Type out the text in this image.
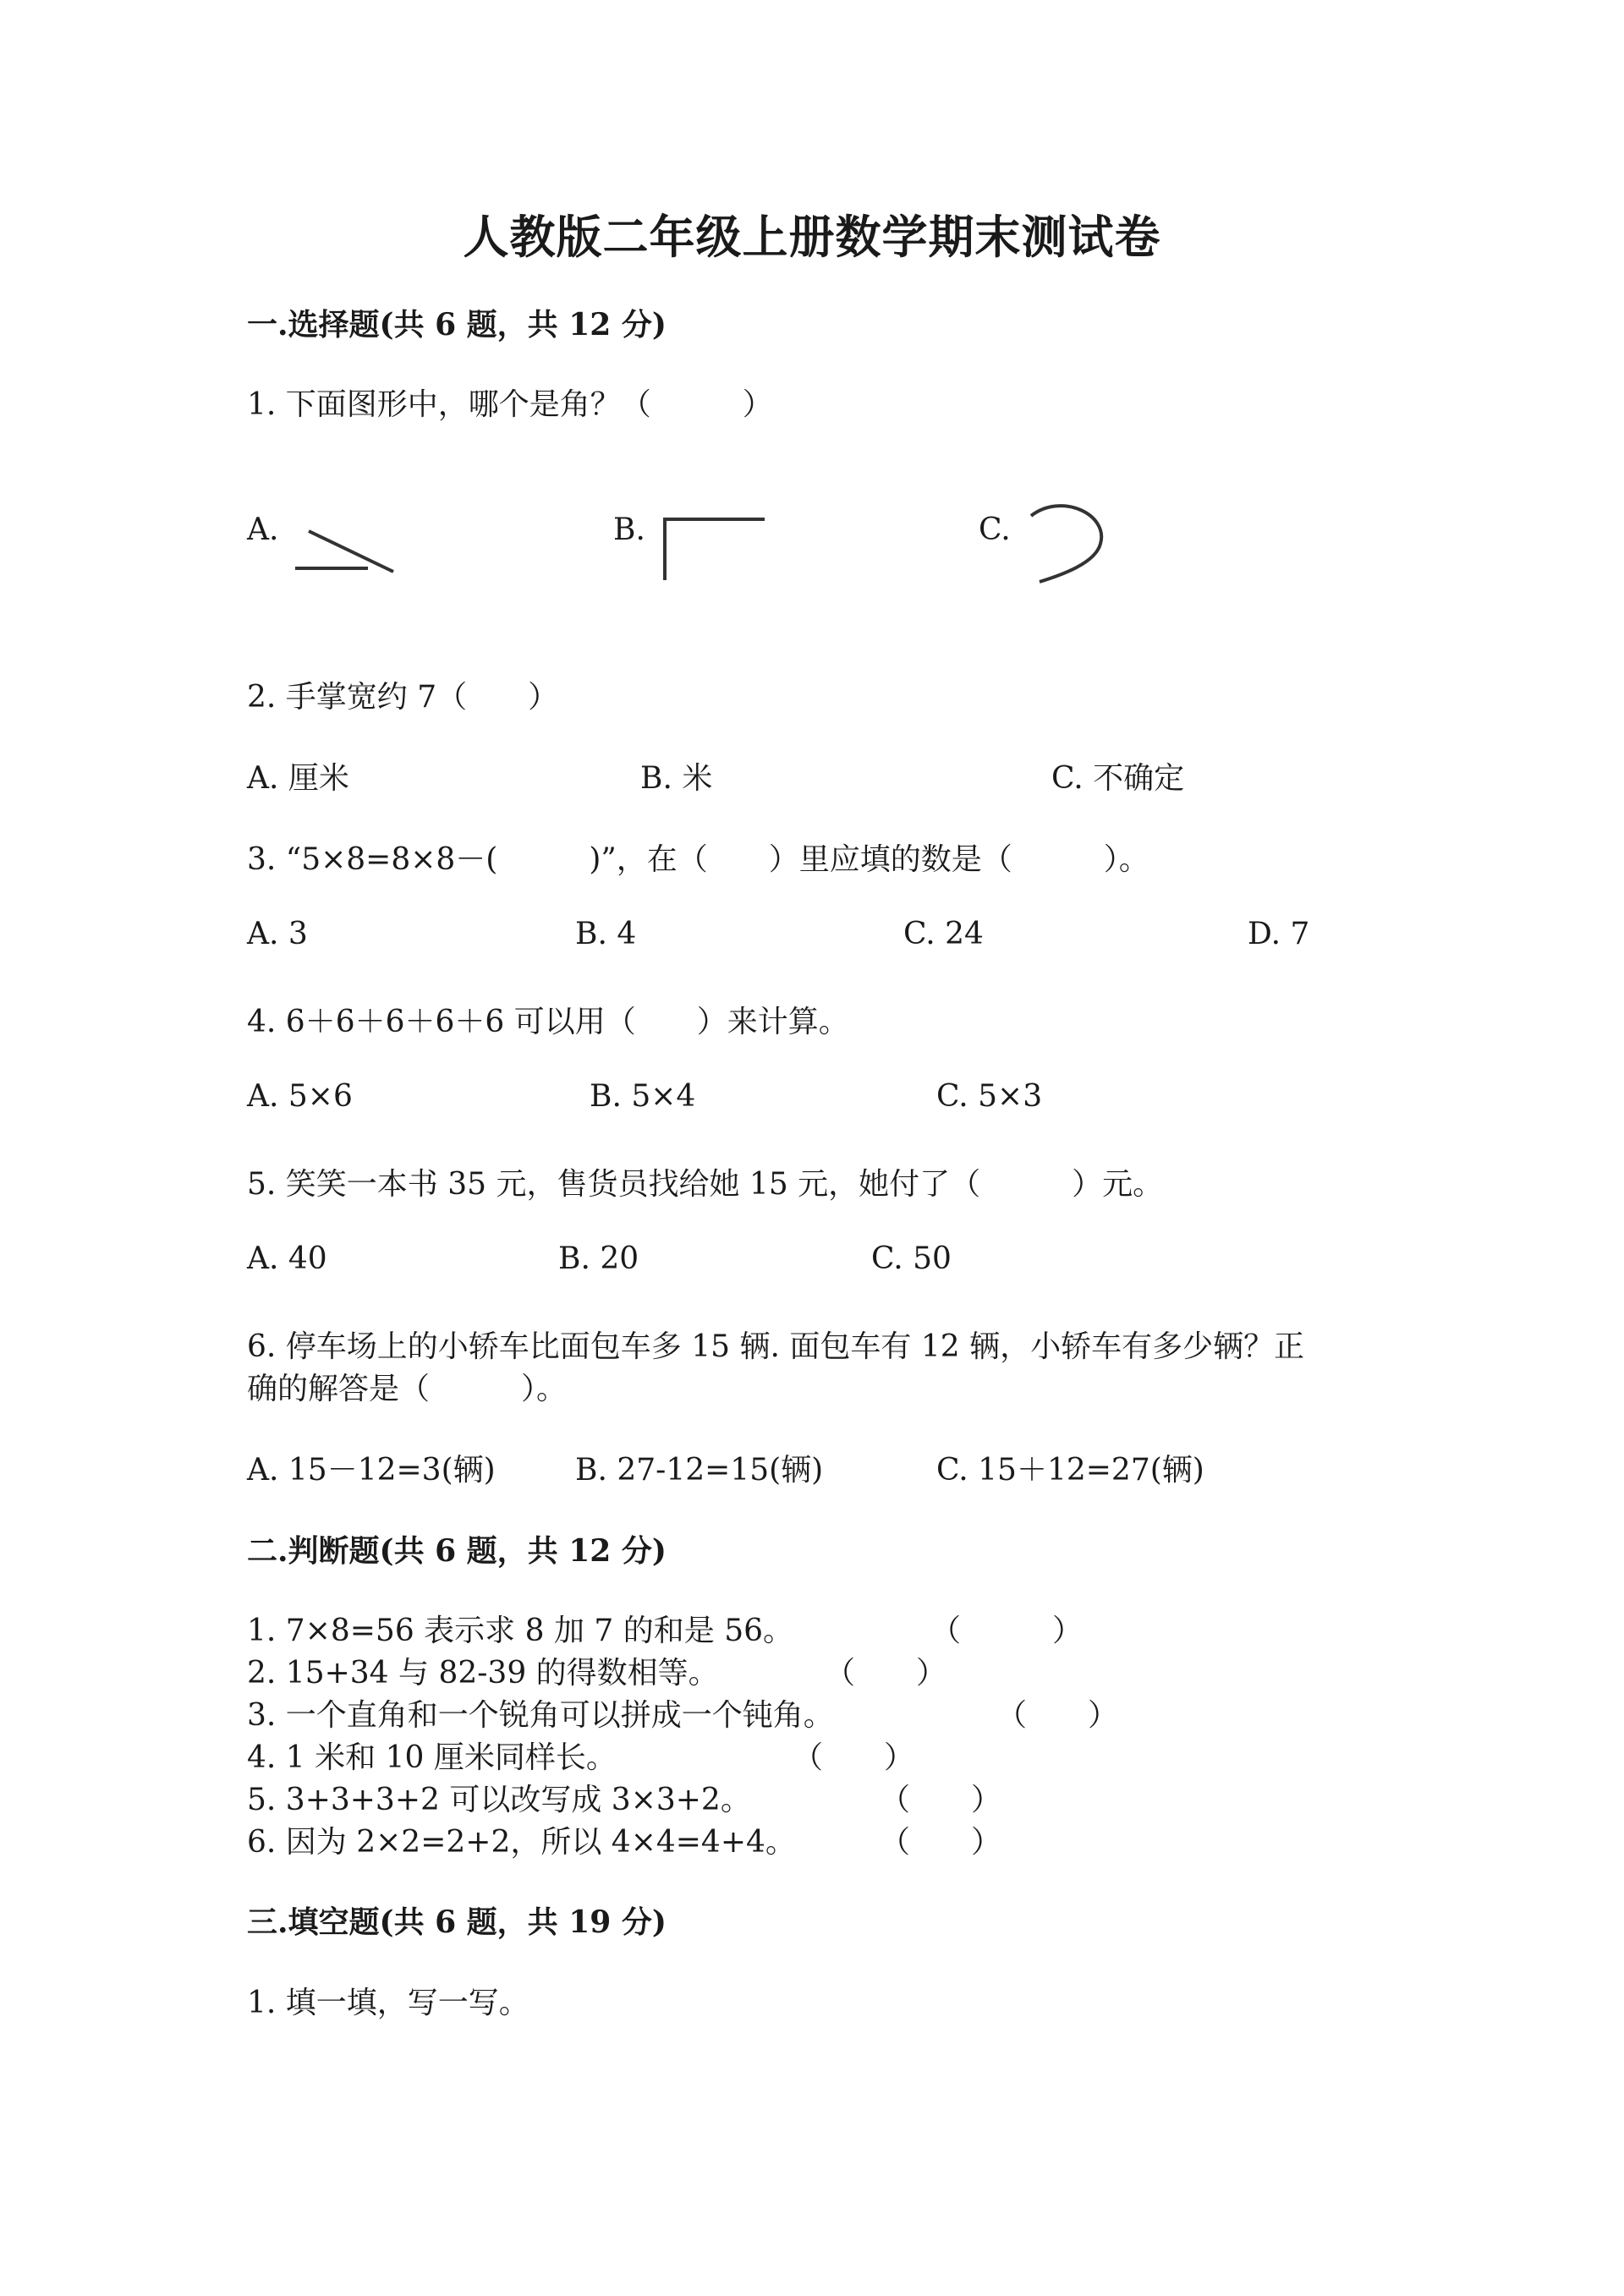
人教版二年级上册数学期末测试卷
一.选择题(共 6 题，共 12 分)
1. 下面图形中，哪个是角？（　　　）
A.	B.	C.
2. 手掌宽约 7（　　）
A. 厘米	B. 米	C. 不确定
3. “5×8=8×8－(　　　)”，在（　　）里应填的数是（　　　）。
A. 3	B. 4	C. 24	D. 7
4. 6＋6＋6＋6＋6 可以用（　　）来计算。
A. 5×6	B. 5×4	C. 5×3
5. 笑笑一本书 35 元，售货员找给她 15 元，她付了（　　　）元。
A. 40	B. 20	C. 50
6. 停车场上的小轿车比面包车多 15 辆. 面包车有 12 辆，小轿车有多少辆？正
确的解答是（　　　）。
A. 15－12=3(辆)	B. 27-12=15(辆)	C. 15＋12=27(辆)
二.判断题(共 6 题，共 12 分)
1. 7×8=56 表示求 8 加 7 的和是 56。	（　　　）
2. 15+34 与 82-39 的得数相等。	（　　）
3. 一个直角和一个锐角可以拼成一个钝角。	（　　）
4. 1 米和 10 厘米同样长。	（　　）
5. 3+3+3+2 可以改写成 3×3+2。	（　　）
6. 因为 2×2=2+2，所以 4×4=4+4。	（　　）
三.填空题(共 6 题，共 19 分)
1. 填一填，写一写。
